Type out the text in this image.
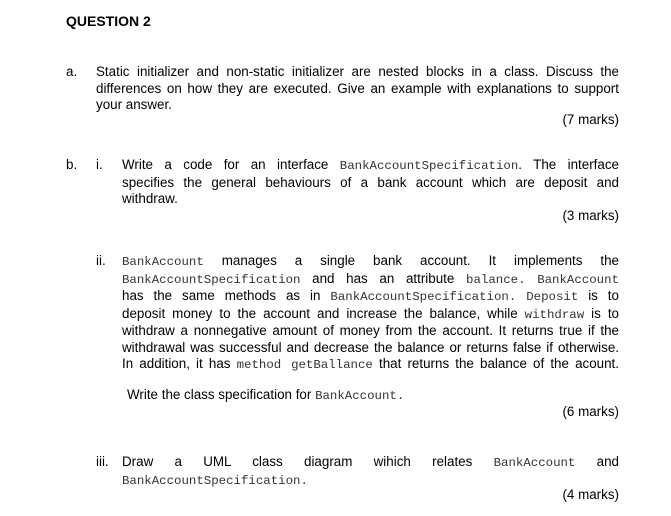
QUESTION 2
a. Static initializer and non-static initializer are nested blocks in a class. Discuss the

differences on how they are executed. Give an example with explanations to support

your answer.

(7 marks)
b. i. Write a code for an interface BankAccountSpecification. The interface

specifies the general behaviours of a bank account which are deposit and

withdraw.

(3 marks)
ii. BankAccount manages a single bank account. It implements the

BankAccountSpecification and has an attribute balance. BankAccount

has the same methods as in BankAccountSpecification. Deposit is to

deposit money to the account and increase the balance, while withdraw is to

withdraw a nonnegative amount of money from the account. It returns true if the

withdrawal was successful and decrease the balance or returns false if otherwise.

In addition, it has method getBallance that returns the balance of the acount.

Write the class specification for BankAccount.
(6 marks)
iii. Draw a UML class diagram wihich relates BankAccount and

BankAccountSpecification.

(4 marks)
